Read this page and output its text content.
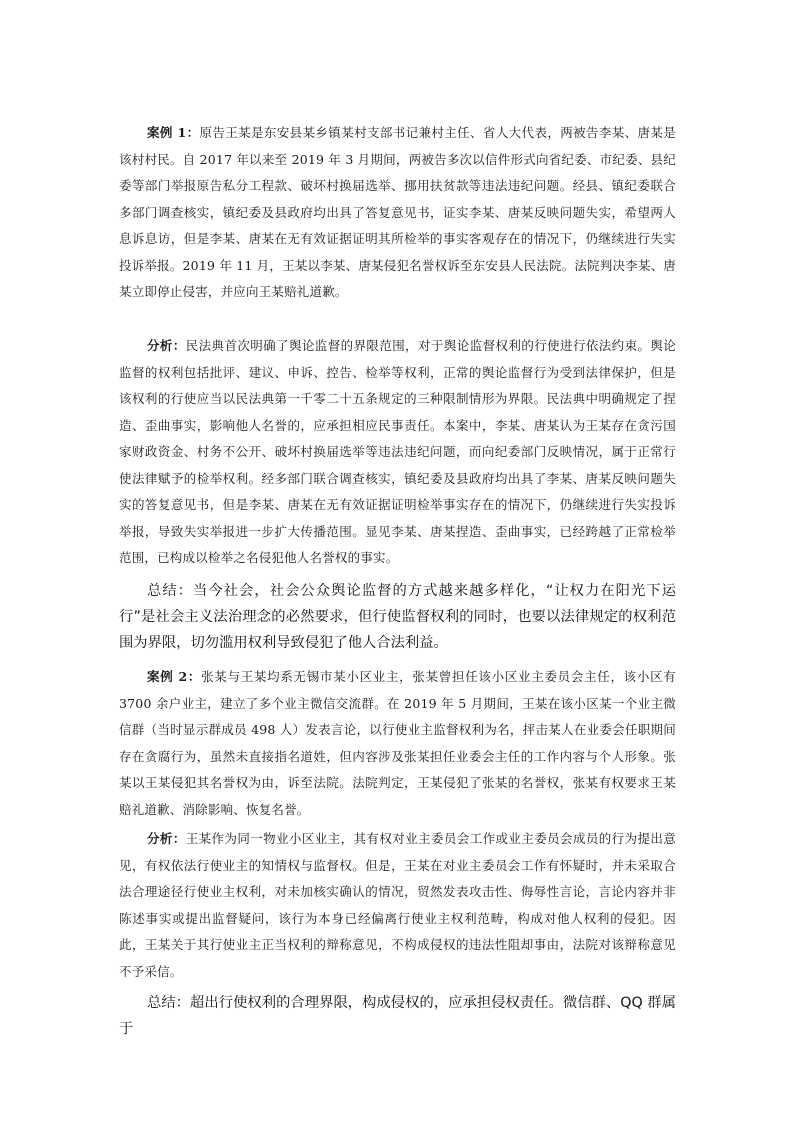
案例 1：原告王某是东安县某乡镇某村支部书记兼村主任、省人大代表，两被告李某、唐某是该村村民。自 2017 年以来至 2019 年 3 月期间，两被告多次以信件形式向省纪委、市纪委、县纪委等部门举报原告私分工程款、破坏村换届选举、挪用扶贫款等违法违纪问题。经县、镇纪委联合多部门调查核实，镇纪委及县政府均出具了答复意见书，证实李某、唐某反映问题失实，希望两人息诉息访，但是李某、唐某在无有效证据证明其所检举的事实客观存在的情况下，仍继续进行失实投诉举报。2019 年 11 月，王某以李某、唐某侵犯名誉权诉至东安县人民法院。法院判决李某、唐某立即停止侵害，并应向王某赔礼道歉。

分析：民法典首次明确了舆论监督的界限范围，对于舆论监督权利的行使进行依法约束。舆论监督的权利包括批评、建议、申诉、控告、检举等权利，正常的舆论监督行为受到法律保护，但是该权利的行使应当以民法典第一千零二十五条规定的三种限制情形为界限。民法典中明确规定了捏造、歪曲事实，影响他人名誉的，应承担相应民事责任。本案中，李某、唐某认为王某存在贪污国家财政资金、村务不公开、破坏村换届选举等违法违纪问题，而向纪委部门反映情况，属于正常行使法律赋予的检举权利。经多部门联合调查核实，镇纪委及县政府均出具了李某、唐某反映问题失实的答复意见书，但是李某、唐某在无有效证据证明检举事实存在的情况下，仍继续进行失实投诉举报，导致失实举报进一步扩大传播范围。显见李某、唐某捏造、歪曲事实，已经跨越了正常检举范围，已构成以检举之名侵犯他人名誉权的事实。

总结：当今社会，社会公众舆论监督的方式越来越多样化，“让权力在阳光下运行”是社会主义法治理念的必然要求，但行使监督权利的同时，也要以法律规定的权利范围为界限，切勿滥用权利导致侵犯了他人合法利益。

案例 2：张某与王某均系无锡市某小区业主，张某曾担任该小区业主委员会主任，该小区有 3700 余户业主，建立了多个业主微信交流群。在 2019 年 5 月期间，王某在该小区某一个业主微信群（当时显示群成员 498 人）发表言论，以行使业主监督权利为名，抨击某人在业委会任职期间存在贪腐行为，虽然未直接指名道姓，但内容涉及张某担任业委会主任的工作内容与个人形象。张某以王某侵犯其名誉权为由，诉至法院。法院判定，王某侵犯了张某的名誉权，张某有权要求王某赔礼道歉、消除影响、恢复名誉。

分析：王某作为同一物业小区业主，其有权对业主委员会工作或业主委员会成员的行为提出意见，有权依法行使业主的知情权与监督权。但是，王某在对业主委员会工作有怀疑时，并未采取合法合理途径行使业主权利，对未加核实确认的情况，贸然发表攻击性、侮辱性言论，言论内容并非陈述事实或提出监督疑问，该行为本身已经偏离行使业主权利范畴，构成对他人权利的侵犯。因此，王某关于其行使业主正当权利的辩称意见，不构成侵权的违法性阻却事由，法院对该辩称意见不予采信。

总结：超出行使权利的合理界限，构成侵权的，应承担侵权责任。微信群、QQ 群属于
